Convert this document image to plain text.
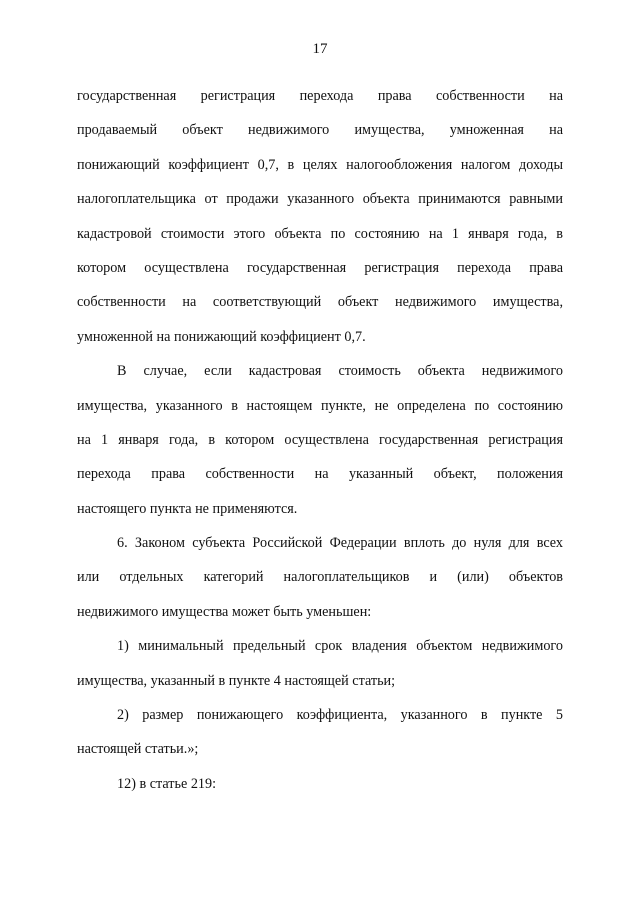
17
государственная регистрация перехода права собственности на
продаваемый объект недвижимого имущества, умноженная на
понижающий коэффициент 0,7, в целях налогообложения налогом доходы
налогоплательщика от продажи указанного объекта принимаются равными
кадастровой стоимости этого объекта по состоянию на 1 января года, в
котором осуществлена государственная регистрация перехода права
собственности на соответствующий объект недвижимого имущества,
умноженной на понижающий коэффициент 0,7.
В случае, если кадастровая стоимость объекта недвижимого
имущества, указанного в настоящем пункте, не определена по состоянию
на 1 января года, в котором осуществлена государственная регистрация
перехода права собственности на указанный объект, положения
настоящего пункта не применяются.
6. Законом субъекта Российской Федерации вплоть до нуля для всех
или отдельных категорий налогоплательщиков и (или) объектов
недвижимого имущества может быть уменьшен:
1) минимальный предельный срок владения объектом недвижимого
имущества, указанный в пункте 4 настоящей статьи;
2) размер понижающего коэффициента, указанного в пункте 5
настоящей статьи.»;
12) в статье 219:
